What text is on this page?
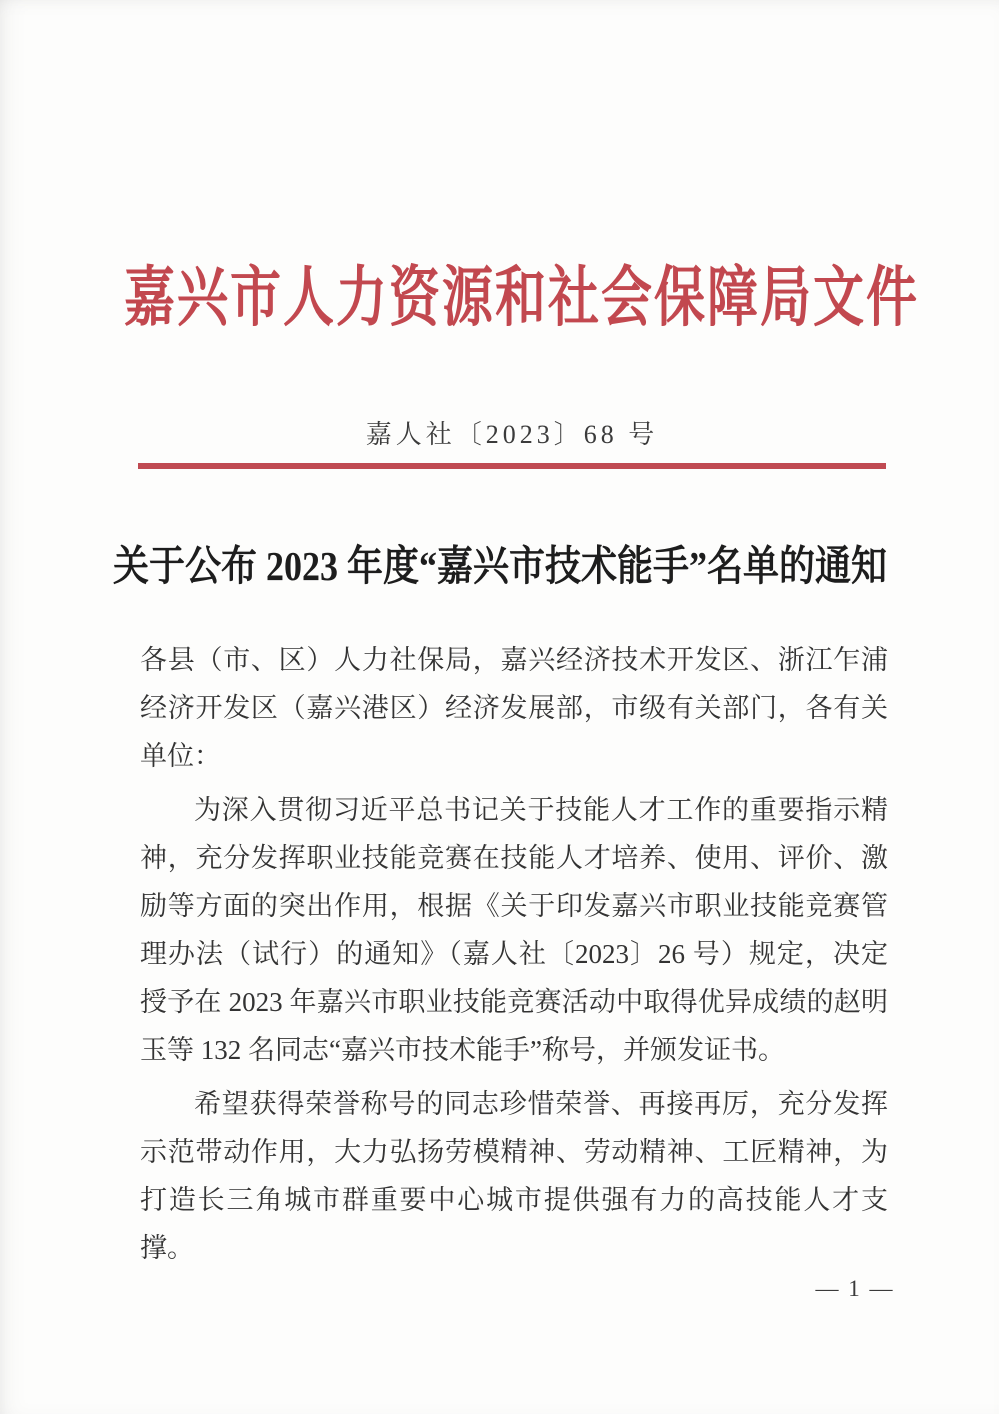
嘉兴市人力资源和社会保障局文件
嘉人社〔2023〕68 号
关于公布 2023 年度“嘉兴市技术能手”名单的通知

各县（市、区）人力社保局，嘉兴经济技术开发区、浙江乍浦经济开发区（嘉兴港区）经济发展部，市级有关部门，各有关单位：

为深入贯彻习近平总书记关于技能人才工作的重要指示精神，充分发挥职业技能竞赛在技能人才培养、使用、评价、激励等方面的突出作用，根据《关于印发嘉兴市职业技能竞赛管理办法（试行）的通知》（嘉人社〔2023〕26 号）规定，决定授予在 2023 年嘉兴市职业技能竞赛活动中取得优异成绩的赵明玉等 132 名同志“嘉兴市技术能手”称号，并颁发证书。

希望获得荣誉称号的同志珍惜荣誉、再接再厉，充分发挥示范带动作用，大力弘扬劳模精神、劳动精神、工匠精神，为打造长三角城市群重要中心城市提供强有力的高技能人才支撑。

— 1 —
